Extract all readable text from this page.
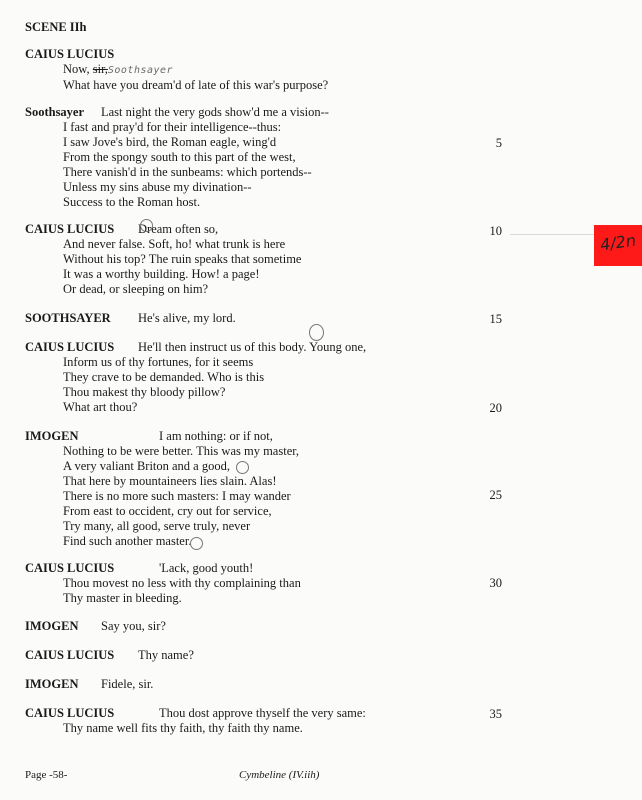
SCENE IIh
CAIUS LUCIUS
Now, sir,Soothsayer
What have you dream'd of late of this war's purpose?
Soothsayer Last night the very gods show'd me a vision--
I fast and pray'd for their intelligence--thus:
I saw Jove's bird, the Roman eagle, wing'd
From the spongy south to this part of the west,
There vanish'd in the sunbeams: which portends--
Unless my sins abuse my divination--
Success to the Roman host.
5
CAIUS LUCIUS Dream often so,
And never false. Soft, ho! what trunk is here
Without his top? The ruin speaks that sometime
It was a worthy building. How! a page!
Or dead, or sleeping on him?
10
SOOTHSAYER He's alive, my lord.	15
CAIUS LUCIUS He'll then instruct us of this body. Young one,
Inform us of thy fortunes, for it seems
They crave to be demanded. Who is this
Thou makest thy bloody pillow?
What art thou?	20
IMOGEN	I am nothing: or if not,
Nothing to be were better. This was my master,
A very valiant Briton and a good,
That here by mountaineers lies slain. Alas!
There is no more such masters: I may wander
From east to occident, cry out for service,
Try many, all good, serve truly, never
Find such another master.
25
CAIUS LUCIUS	'Lack, good youth!
Thou movest no less with thy complaining than
Thy master in bleeding.
30
IMOGEN Say you, sir?
CAIUS LUCIUS Thy name?
IMOGEN Fidele, sir.
CAIUS LUCIUS	Thou dost approve thyself the very same:
Thy name well fits thy faith, thy faith thy name.
35
Page -58-	Cymbeline (IV.iih)
4/2n
